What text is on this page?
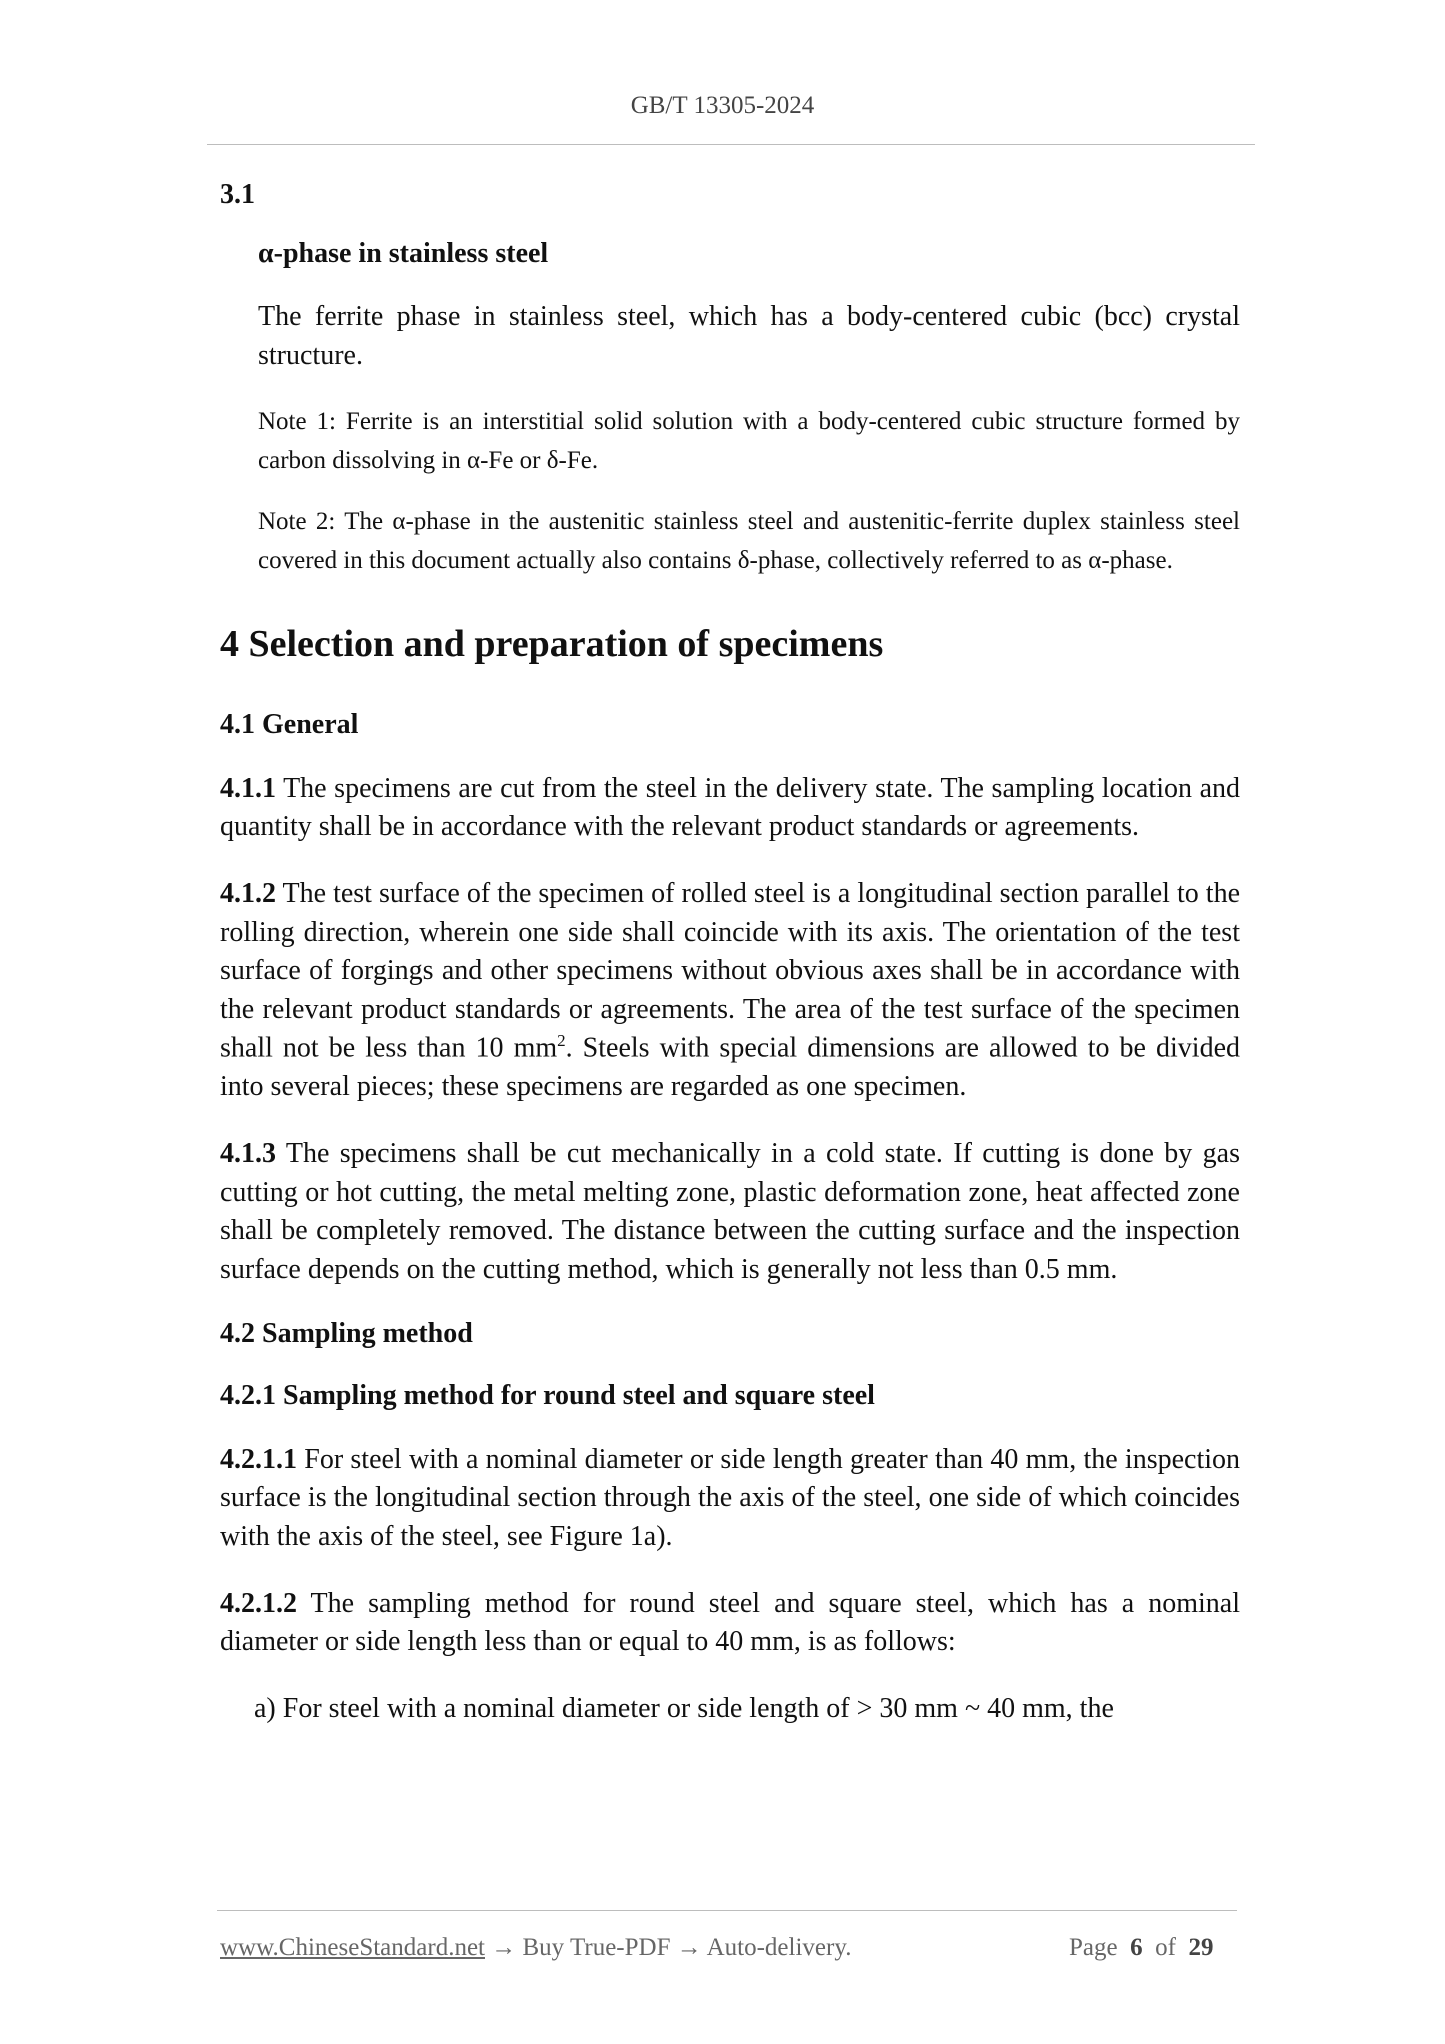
GB/T 13305-2024
3.1
α-phase in stainless steel
The ferrite phase in stainless steel, which has a body-centered cubic (bcc) crystal structure.
Note 1: Ferrite is an interstitial solid solution with a body-centered cubic structure formed by carbon dissolving in α-Fe or δ-Fe.
Note 2: The α-phase in the austenitic stainless steel and austenitic-ferrite duplex stainless steel covered in this document actually also contains δ-phase, collectively referred to as α-phase.
4 Selection and preparation of specimens
4.1 General
4.1.1 The specimens are cut from the steel in the delivery state. The sampling location and quantity shall be in accordance with the relevant product standards or agreements.
4.1.2 The test surface of the specimen of rolled steel is a longitudinal section parallel to the rolling direction, wherein one side shall coincide with its axis. The orientation of the test surface of forgings and other specimens without obvious axes shall be in accordance with the relevant product standards or agreements. The area of the test surface of the specimen shall not be less than 10 $mm^2$. Steels with special dimensions are allowed to be divided into several pieces; these specimens are regarded as one specimen.
4.1.3 The specimens shall be cut mechanically in a cold state. If cutting is done by gas cutting or hot cutting, the metal melting zone, plastic deformation zone, heat affected zone shall be completely removed. The distance between the cutting surface and the inspection surface depends on the cutting method, which is generally not less than 0.5 mm.
4.2 Sampling method
4.2.1 Sampling method for round steel and square steel
4.2.1.1 For steel with a nominal diameter or side length greater than 40 mm, the inspection surface is the longitudinal section through the axis of the steel, one side of which coincides with the axis of the steel, see Figure 1a).
4.2.1.2 The sampling method for round steel and square steel, which has a nominal diameter or side length less than or equal to 40 mm, is as follows:
a) For steel with a nominal diameter or side length of > 30 mm ~ 40 mm, the
www.ChineseStandard.net → Buy True-PDF → Auto-delivery.	Page 6 of 29
